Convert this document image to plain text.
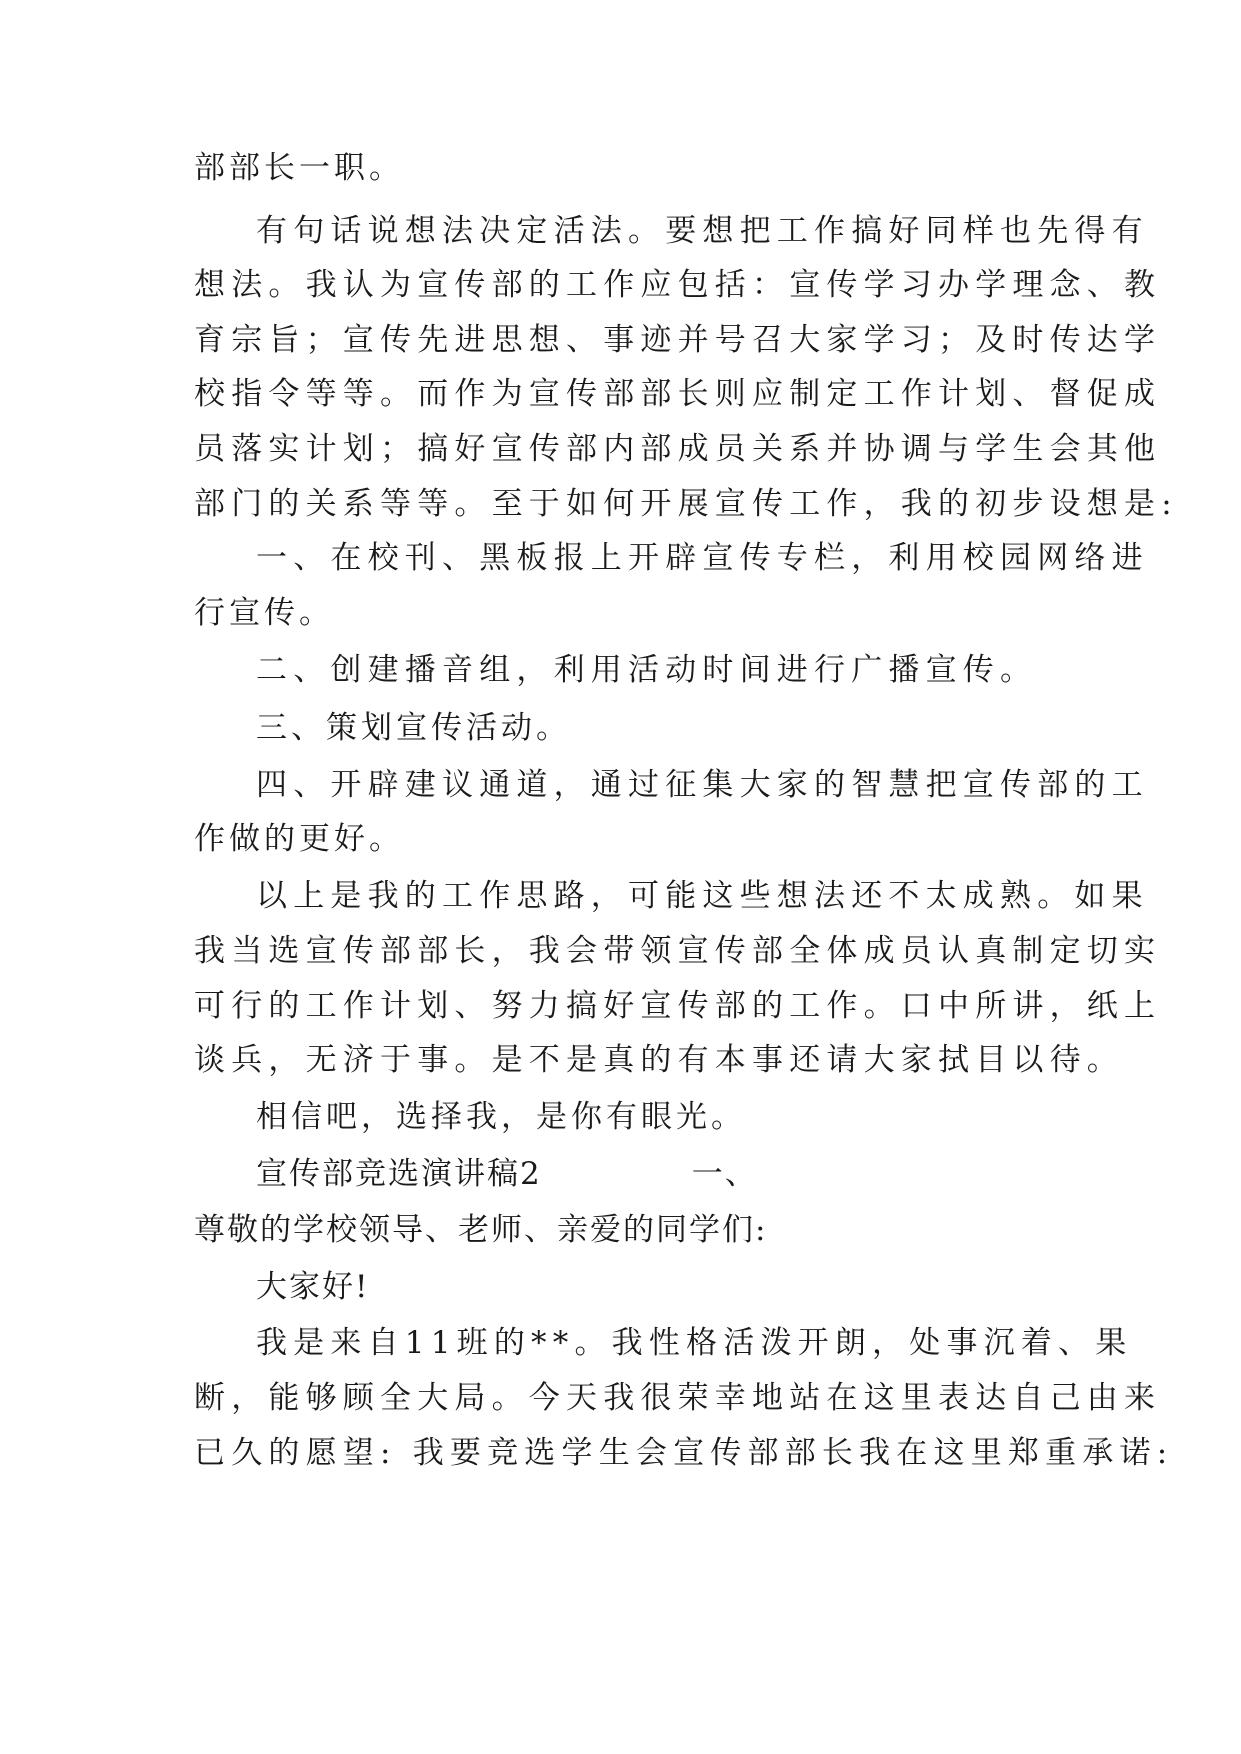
部部长一职。
有句话说想法决定活法。要想把工作搞好同样也先得有
想法。我认为宣传部的工作应包括：宣传学习办学理念、教
育宗旨；宣传先进思想、事迹并号召大家学习；及时传达学
校指令等等。而作为宣传部部长则应制定工作计划、督促成
员落实计划；搞好宣传部内部成员关系并协调与学生会其他
部门的关系等等。至于如何开展宣传工作，我的初步设想是:
一、在校刊、黑板报上开辟宣传专栏，利用校园网络进
行宣传。
二、创建播音组，利用活动时间进行广播宣传。
三、策划宣传活动。
四、开辟建议通道，通过征集大家的智慧把宣传部的工
作做的更好。
以上是我的工作思路，可能这些想法还不太成熟。如果
我当选宣传部部长，我会带领宣传部全体成员认真制定切实
可行的工作计划、努力搞好宣传部的工作。口中所讲，纸上
谈兵，无济于事。是不是真的有本事还请大家拭目以待。
相信吧，选择我，是你有眼光。
宣传部竞选演讲稿2	一、
尊敬的学校领导、老师、亲爱的同学们:
大家好!
我是来自11班的**。我性格活泼开朗，处事沉着、果
断，能够顾全大局。今天我很荣幸地站在这里表达自己由来
已久的愿望: 我要竞选学生会宣传部部长我在这里郑重承诺:
